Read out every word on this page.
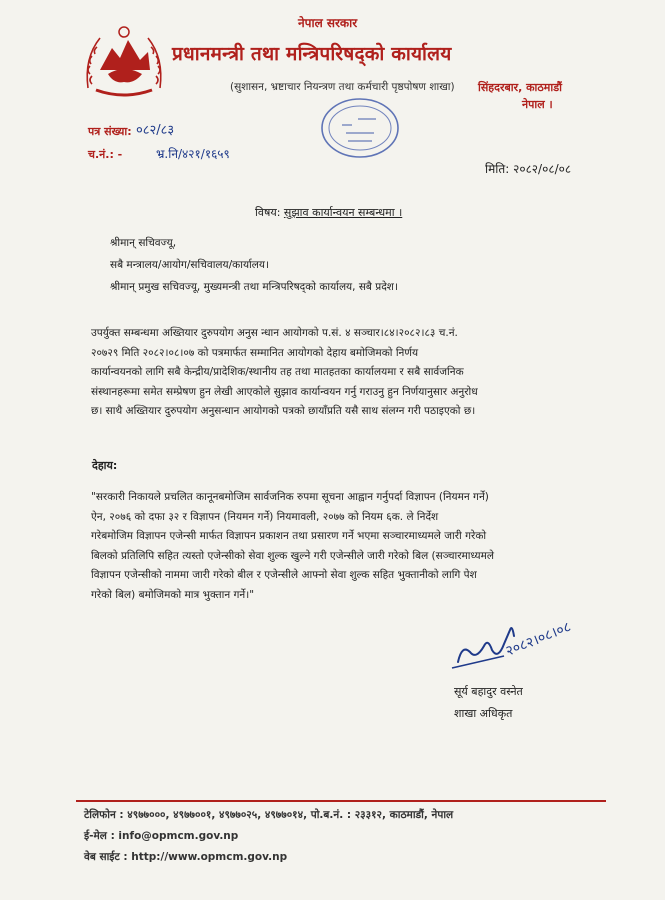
नेपाल सरकार
प्रधानमन्त्री तथा मन्त्रिपरिषद्को कार्यालय
(सुशासन, भ्रष्टाचार नियन्त्रण तथा कर्मचारी पृष्ठपोषण शाखा) सिंहदरबार, काठमाडौं
नेपाल ।
पत्र संख्या: ०८२/८३
च.नं.: -	भ्र.नि/४२१/१६५९
मिति: २०८२/०८/०८
विषय: सुझाव कार्यान्वयन सम्बन्धमा ।
श्रीमान् सचिवज्यू,
सबै मन्त्रालय/आयोग/सचिवालय/कार्यालय।
श्रीमान् प्रमुख सचिवज्यू, मुख्यमन्त्री तथा मन्त्रिपरिषद्को कार्यालय, सबै प्रदेश।
उपर्युक्त सम्बन्धमा अख्तियार दुरुपयोग अनुस न्धान आयोगको प.सं. ४ सञ्चार।८४।२०८२।८३ च.नं.
२०७२९ मिति २०८२।०८।०७ को पत्रमार्फत सम्मानित आयोगको देहाय बमोजिमको निर्णय
कार्यान्वयनको लागि सबै केन्द्रीय/प्रादेशिक/स्थानीय तह तथा मातहतका कार्यालयमा र सबै सार्वजनिक
संस्थानहरूमा समेत सम्प्रेषण हुन लेखी आएकोले सुझाव कार्यान्वयन गर्नु गराउनु हुन निर्णयानुसार अनुरोध
छ। साथै अख्तियार दुरुपयोग अनुसन्धान आयोगको पत्रको छायाँप्रति यसै साथ संलग्न गरी पठाइएको छ।
देहाय:
"सरकारी निकायले प्रचलित कानूनबमोजिम सार्वजनिक रुपमा सूचना आह्वान गर्नुपर्दा विज्ञापन (नियमन गर्ने)
ऐन, २०७६ को दफा ३२ र विज्ञापन (नियमन गर्ने) नियमावली, २०७७ को नियम ६क. ले निर्देश
गरेबमोजिम विज्ञापन एजेन्सी मार्फत विज्ञापन प्रकाशन तथा प्रसारण गर्ने भएमा सञ्चारमाध्यमले जारी गरेको
बिलको प्रतिलिपि सहित त्यस्तो एजेन्सीको सेवा शुल्क खुल्ने गरी एजेन्सीले जारी गरेको बिल (सञ्चारमाध्यमले
विज्ञापन एजेन्सीको नाममा जारी गरेको बील र एजेन्सीले आफ्नो सेवा शुल्क सहित भुक्तानीको लागि पेश
गरेको बिल) बमोजिमको मात्र भुक्तान गर्ने।"
२०८२।०८।०८
सूर्य बहादुर वस्नेत
शाखा अधिकृत
टेलिफोन : ४९७७०००, ४९७७००१, ४९७७०२५, ४९७७०१४, पो.ब.नं. : २३३१२, काठमाडौं, नेपाल
ई-मेल : info@opmcm.gov.np
वेब साईट : http://www.opmcm.gov.np
